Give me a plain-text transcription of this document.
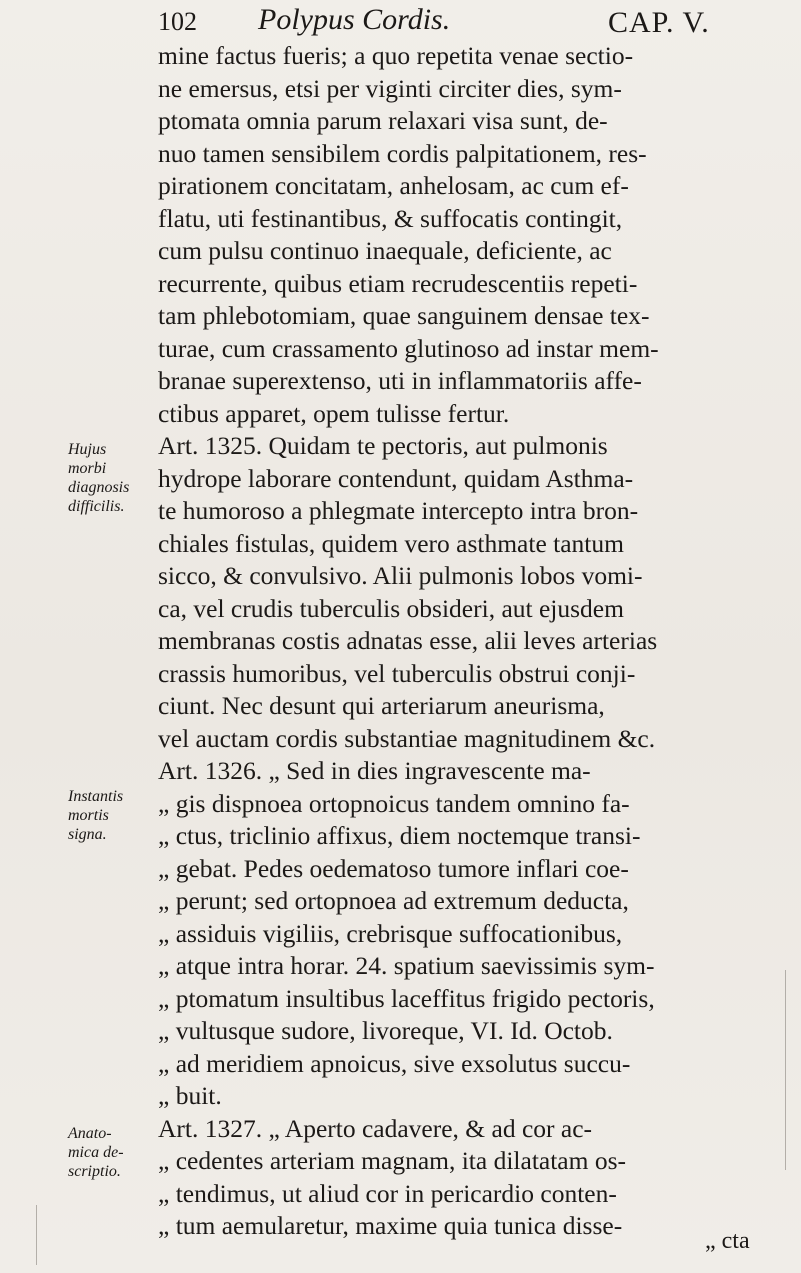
102 Polypus Cordis.	CAP. V.
mine factus fueris; a quo repetita venae sectio-
ne emersus, etsi per viginti circiter dies, sym-
ptomata omnia parum relaxari visa sunt, de-
nuo tamen sensibilem cordis palpitationem, res-
pirationem concitatam, anhelosam, ac cum ef-
flatu, uti festinantibus, & suffocatis contingit,
cum pulsu continuo inaequale, deficiente, ac
recurrente, quibus etiam recrudescentiis repeti-
tam phlebotomiam, quae sanguinem densae tex-
turae, cum crassamento glutinoso ad instar mem-
branae superextenso, uti in inflammatoriis affe-
ctibus apparet, opem tulisse fertur.
Art. 1325. Quidam te pectoris, aut pulmonis
hydrope laborare contendunt, quidam Asthma-
te humoroso a phlegmate intercepto intra bron-
chiales fistulas, quidem vero asthmate tantum
sicco, & convulsivo. Alii pulmonis lobos vomi-
ca, vel crudis tuberculis obsideri, aut ejusdem
membranas costis adnatas esse, alii leves arterias
crassis humoribus, vel tuberculis obstrui conji-
ciunt. Nec desunt qui arteriarum aneurisma,
vel auctam cordis substantiae magnitudinem &c.
Art. 1326. „ Sed in dies ingravescente ma-
„ gis dispnoea ortopnoicus tandem omnino fa-
„ ctus, triclinio affixus, diem noctemque transi-
„ gebat. Pedes oedematoso tumore inflari coe-
„ perunt; sed ortopnoea ad extremum deducta,
„ assiduis vigiliis, crebrisque suffocationibus,
„ atque intra horar. 24. spatium saevissimis sym-
„ ptomatum insultibus laceffitus frigido pectoris,
„ vultusque sudore, livoreque, VI. Id. Octob.
„ ad meridiem apnoicus, sive exsolutus succu-
„ buit.
Art. 1327. „ Aperto cadavere, & ad cor ac-
„ cedentes arteriam magnam, ita dilatatam os-
„ tendimus, ut aliud cor in pericardio conten-
„ tum aemularetur, maxime quia tunica disse-
Hujus
morbi
diagnosis
difficilis.
Instantis
mortis
signa.
Anato-
mica de-
scriptio.
„ cta
